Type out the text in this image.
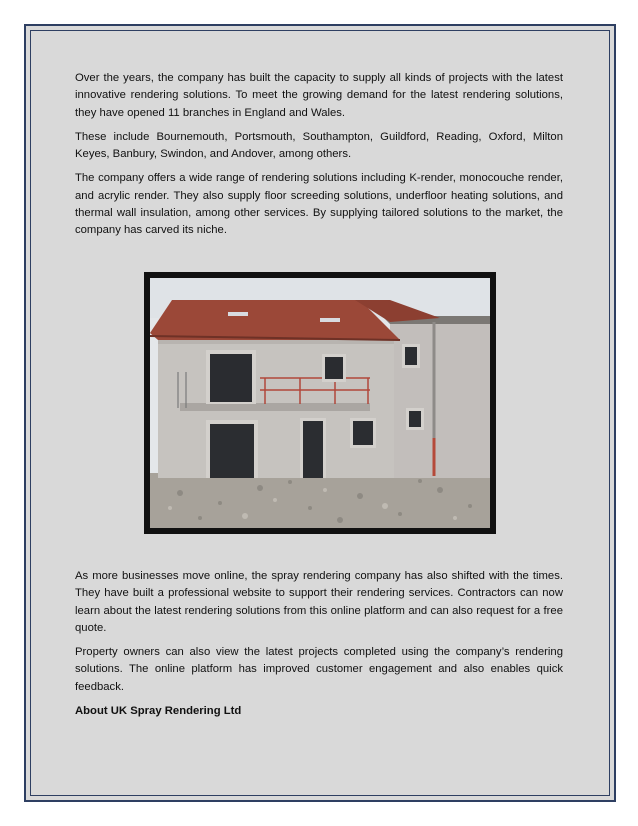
Over the years, the company has built the capacity to supply all kinds of projects with the latest innovative rendering solutions. To meet the growing demand for the latest rendering solutions, they have opened 11 branches in England and Wales.

These include Bournemouth, Portsmouth, Southampton, Guildford, Reading, Oxford, Milton Keyes, Banbury, Swindon, and Andover, among others.

The company offers a wide range of rendering solutions including K-render, monocouche render, and acrylic render. They also supply floor screeding solutions, underfloor heating solutions, and thermal wall insulation, among other services. By supplying tailored solutions to the market, the company has carved its niche.

As more businesses move online, the spray rendering company has also shifted with the times. They have built a professional website to support their rendering services. Contractors can now learn about the latest rendering solutions from this online platform and can also request for a free quote.

Property owners can also view the latest projects completed using the company’s rendering solutions. The online platform has improved customer engagement and also enables quick feedback.

About UK Spray Rendering Ltd
